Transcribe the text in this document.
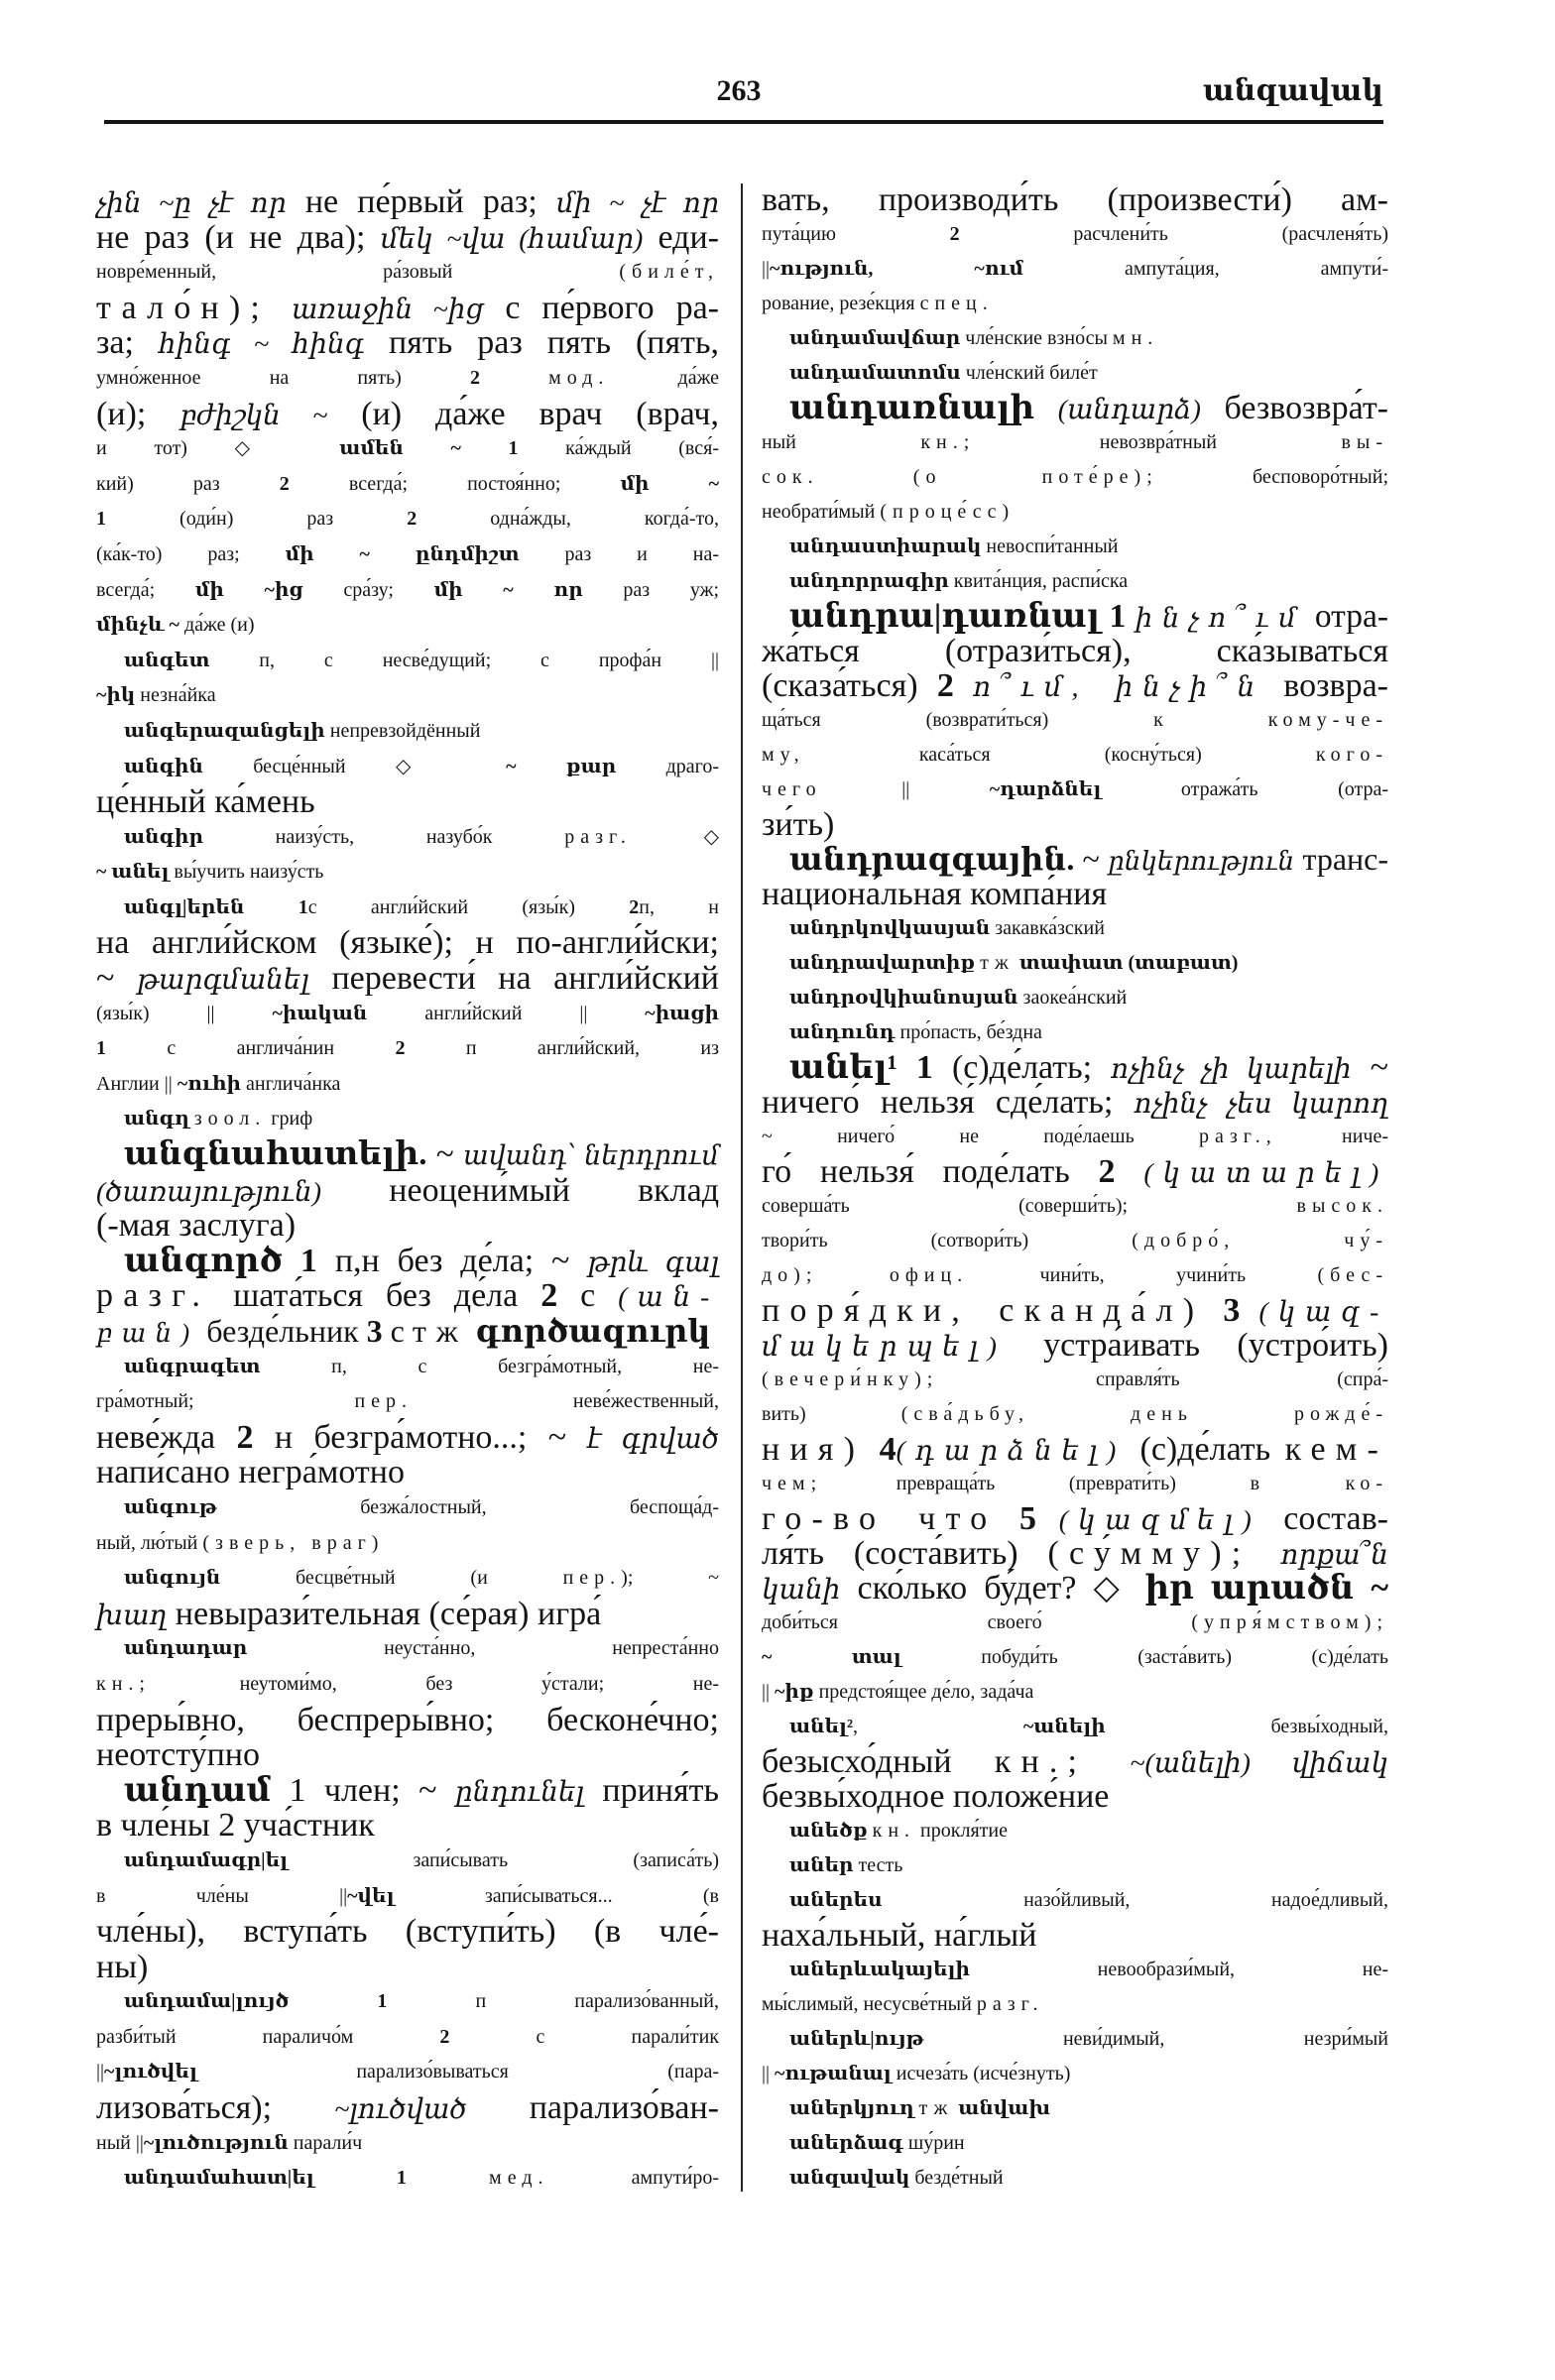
263	անզավակ
չին ~ը չէ որ не пе́рвый раз; մի ~ չէ որ
не раз (и не два); մեկ ~վա (համար) еди-
новре́менный, ра́зовый (биле́т,
тало́н); առաջին ~ից с пе́рвого ра-
за; հինգ ~ հինգ пять раз пять (пять,
умно́женное на пять) 2	мод. да́же
(и); բժիշկն ~ (и) да́же врач (врач,
и тот) ◇ ամեն ~ 1 ка́ждый (вся́-
кий) раз 2 всегда́; постоя́нно; մի ~
1 (оди́н) раз 2 одна́жды, когда́-то,
(ка́к-то) раз; մի ~ ընդմիշտ раз и на-
всегда́; մի ~ից сра́зу; մի ~ որ раз уж;
մինչև ~ да́же (и)
անգետ п, с несве́дущий; с профа́н ||
~իկ незна́йка
անգերազանցելի непревзойдённый
անգին бесце́нный ◇ ~ քար драго-
це́нный ка́мень
անգիր наизу́сть, назубо́к разг.	◇
~ անել вы́учить наизу́сть
անգլ|երեն 1с англи́йский (язы́к) 2п, н
на англи́йском (языке́); н по-англи́йски;
~ թարգմանել перевести́ на англи́йский
(язы́к) || ~իական англи́йский || ~իացի
1 с англича́нин 2 п англи́йский, из
Англии || ~ուհի англича́нка
անգղ зоол. гриф
անգնահատելի. ~ ավանդ՝ ներդրում
(ծառայություն) неоцени́мый вклад
(-мая заслу́га)
անգործ 1 п,н без де́ла; ~ թրև գալ
разг. шата́ться без де́ла 2 с (ան-
բան) безде́льник 3 с тж գործազուրկ
անգրագետ п, с безгра́мотный, не-
гра́мотный; пер. неве́жественный,
неве́жда 2 н безгра́мотно...; ~ է գրված
напи́сано негра́мотно
անգութ безжа́лостный, беспоща́д-
ный, лю́тый (зверь, враг)
անգույն бесцве́тный (и пер.); ~
խաղ невырази́тельная (се́рая) игра́
անդադար неуста́нно, непреста́нно
кн.; неутоми́мо, без у́стали; не-
преры́вно, беспреры́вно; бесконе́чно;
неотсту́пно
անդամ 1 член; ~ ընդունել приня́ть
в чле́ны 2 уча́стник
անդամագր|ել запи́сывать (записа́ть)
в чле́ны ||~վել запи́сываться... (в
чле́ны), вступа́ть (вступи́ть) (в чле́-
ны)
անդամա|լույծ 1 п парализо́ванный,
разби́тый параличо́м 2 с парали́тик
||~լուծվել парализо́вываться (пара-
лизова́ться); ~լուծված парализо́ван-
ный ||~լուծություն парали́ч
անդամահատ|ել 1	мед. ампути́ро-
вать, производи́ть (произвести́) ам-
пута́цию 2 расчлени́ть (расчленя́ть)
||~ություն, ~ում ампута́ция, ампути́-
рование, резе́кция спец.
անդամավճար чле́нские взно́сы мн.
անդամատոմս чле́нский биле́т
անդառնալի (անդարձ) безвозвра́т-
ный кн.; невозвра́тный вы-
сок.	(о поте́ре); бесповоро́тный;
необрати́мый (проце́сс)
անդաստիարակ невоспи́танный
անդորրագիր квита́нция, распи́ска
անդրա|դառնալ 1 ինչո՞ւմ отра-
жа́ться (отрази́ться), ска́зываться
(сказа́ться) 2 ո՞ւմ, ինչի՞ն возвра-
ща́ться (возврати́ться) к кому-че-
му, каса́ться (косну́ться) кого-
чего || ~դարձնել отража́ть (отра-
зи́ть)
անդրազգային. ~ ընկերություն транс-
национа́льная компа́ния
անդրկովկասյան закавка́зский
անդրավարտիք тж տափատ (տաբատ)
անդրօվկիանոսյան заокеа́нский
անդունդ про́пасть, бе́здна
անել¹ 1 (с)де́лать; ոչինչ չի կարելի ~
ничего́ нельзя́ сде́лать; ոչինչ չես կարող
~ ничего́ не поде́лаешь разг., ниче-
го́ нельзя́ поде́лать 2 (կատարել)
соверша́ть (соверши́ть); высок.
твори́ть (сотвори́ть) (добро́, чу́-
до);	офиц. чини́ть, учини́ть (бес-
поря́дки, сканда́л) 3 (կազ-
մակերպել) устра́ивать (устро́ить)
(вечери́нку); справля́ть (спра́-
вить) (сва́дьбу, день рожде́-
ния) 4(դարձնել) (с)де́лать кем-
чем; превраща́ть (преврати́ть) в ко-
го-во что 5 (կազմել) состав-
ля́ть (соста́вить) (су́мму); որքա՞ն
կանի ско́лько бу́дет? ◇ իր արածն ~
доби́ться своего́ (упря́мством);
~ տալ побуди́ть (заста́вить) (с)де́лать
|| ~իք предстоя́щее де́ло, зада́ча
անել², ~անելի безвы́ходный,
безысхо́дный кн.; ~(անելի) վիճակ
безвы́ходное положе́ние
անեծք кн. прокля́тие
աներ тесть
աներես назо́йливый, надое́дливый,
наха́льный, на́глый
աներևակայելի невообрази́мый, не-
мы́слимый, несусве́тный разг.
աներև|ույթ неви́димый, незри́мый
|| ~ութանալ исчеза́ть (исче́знуть)
աներկյուղ тж անվախ
աներձագ шу́рин
անզավակ безде́тный
